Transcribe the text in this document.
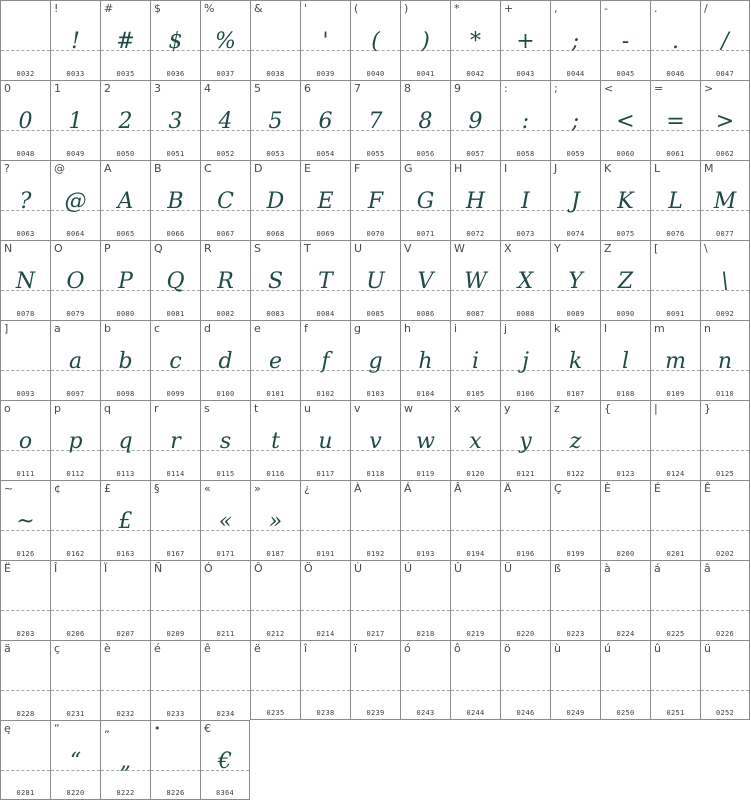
0032
!
!
0033
#
#
0035
$
$
0036
%
%
0037
&
0038
'
'
0039
(
(
0040
)
)
0041
*
*
0042
+
+
0043
,
;
0044
-
-
0045
.
.
0046
/
/
0047
0
0
0048
1
1
0049
2
2
0050
3
3
0051
4
4
0052
5
5
0053
6
6
0054
7
7
0055
8
8
0056
9
9
0057
:
:
0058
;
;
0059
<
<
0060
=
=
0061
>
>
0062
?
?
0063
@
@
0064
A
A
0065
B
B
0066
C
C
0067
D
D
0068
E
E
0069
F
F
0070
G
G
0071
H
H
0072
I
I
0073
J
J
0074
K
K
0075
L
L
0076
M
M
0077
N
N
0078
O
O
0079
P
P
0080
Q
Q
0081
R
R
0082
S
S
0083
T
T
0084
U
U
0085
V
V
0086
W
W
0087
X
X
0088
Y
Y
0089
Z
Z
0090
[
0091
\
\
0092
]
0093
a
a
0097
b
b
0098
c
c
0099
d
d
0100
e
e
0101
f
f
0102
g
g
0103
h
h
0104
i
i
0105
j
j
0106
k
k
0107
l
l
0108
m
m
0109
n
n
0110
o
o
0111
p
p
0112
q
q
0113
r
r
0114
s
s
0115
t
t
0116
u
u
0117
v
v
0118
w
w
0119
x
x
0120
y
y
0121
z
z
0122
{
0123
|
0124
}
0125
~
~
0126
¢
0162
£
£
0163
§
0167
«
«
0171
»
»
0187
¿
0191
À
0192
Á
0193
Â
0194
Ä
0196
Ç
0199
È
0200
É
0201
Ê
0202
Ë
0203
Î
0206
Ï
0207
Ñ
0209
Ó
0211
Ô
0212
Ö
0214
Ù
0217
Ú
0218
Û
0219
Ü
0220
ß
0223
à
0224
á
0225
â
0226
ä
0228
ç
0231
è
0232
é
0233
ê
0234
ë
0235
î
0238
ï
0239
ó
0243
ô
0244
ö
0246
ù
0249
ú
0250
û
0251
ü
0252
ę
0281
“
“
8220
„
„
8222
•
8226
€
€
8364
